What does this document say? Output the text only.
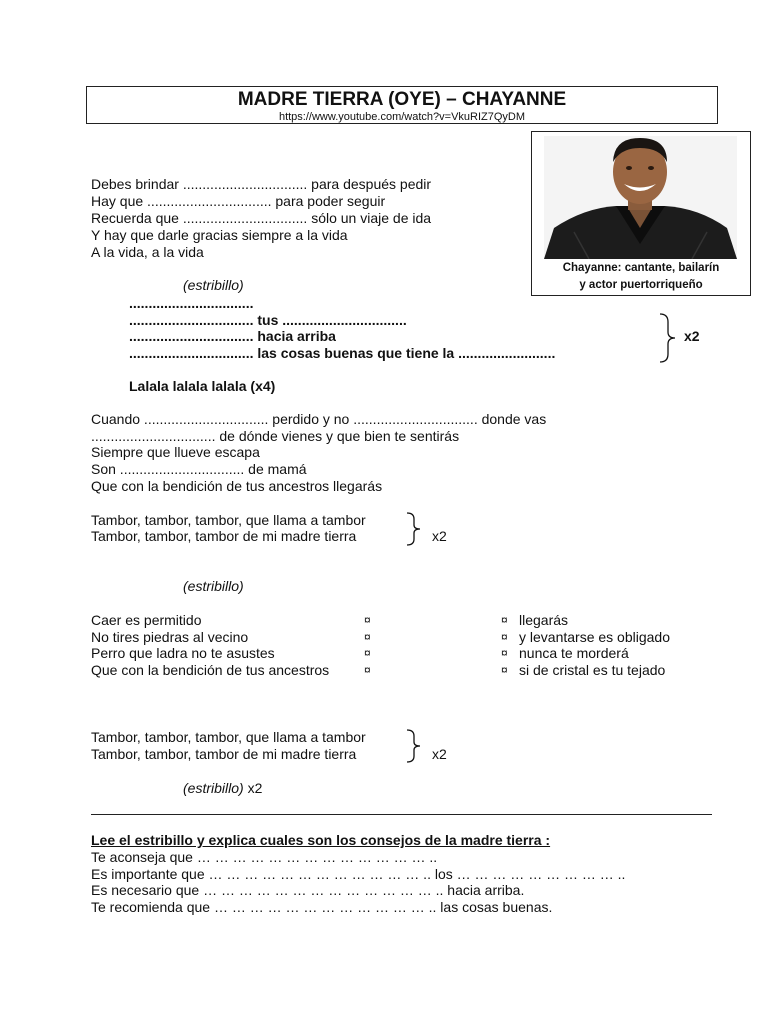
MADRE TIERRA (OYE) – CHAYANNE
https://www.youtube.com/watch?v=VkuRIZ7QyDM
Chayanne: cantante, bailarín
y actor puertorriqueño
Debes brindar ................................ para después pedir
Hay que ................................ para poder seguir
Recuerda que ................................ sólo un viaje de ida
Y hay que darle gracias siempre a la vida
A la vida, a la vida
(estribillo)
................................
................................ tus ................................
................................ hacia arriba
................................ las cosas buenas que tiene la .........................
x2
Lalala lalala lalala (x4)
Cuando ................................ perdido y no ................................ donde vas
................................ de dónde vienes y que bien te sentirás
Siempre que llueve escapa
Son ................................ de mamá
Que con la bendición de tus ancestros llegarás
Tambor, tambor, tambor, que llama a tambor
Tambor, tambor, tambor de mi madre tierra	x2
(estribillo)
Caer es permitido
No tires piedras al vecino
Perro que ladra no te asustes
Que con la bendición de tus ancestros
¤
¤
¤
¤
¤
¤
¤
¤
llegarás
y levantarse es obligado
nunca te morderá
si de cristal es tu tejado
Tambor, tambor, tambor, que llama a tambor
Tambor, tambor, tambor de mi madre tierra	x2
(estribillo) x2
Lee el estribillo y explica cuales son los consejos de la madre tierra :
Te aconseja que … … … … … … … … … … … … … ..
Es importante que … … … … … … … … … … … … .. los … … … … … … … … … ..
Es necesario que … … … … … … … … … … … … … .. hacia arriba.
Te recomienda que … … … … … … … … … … … … .. las cosas buenas.
